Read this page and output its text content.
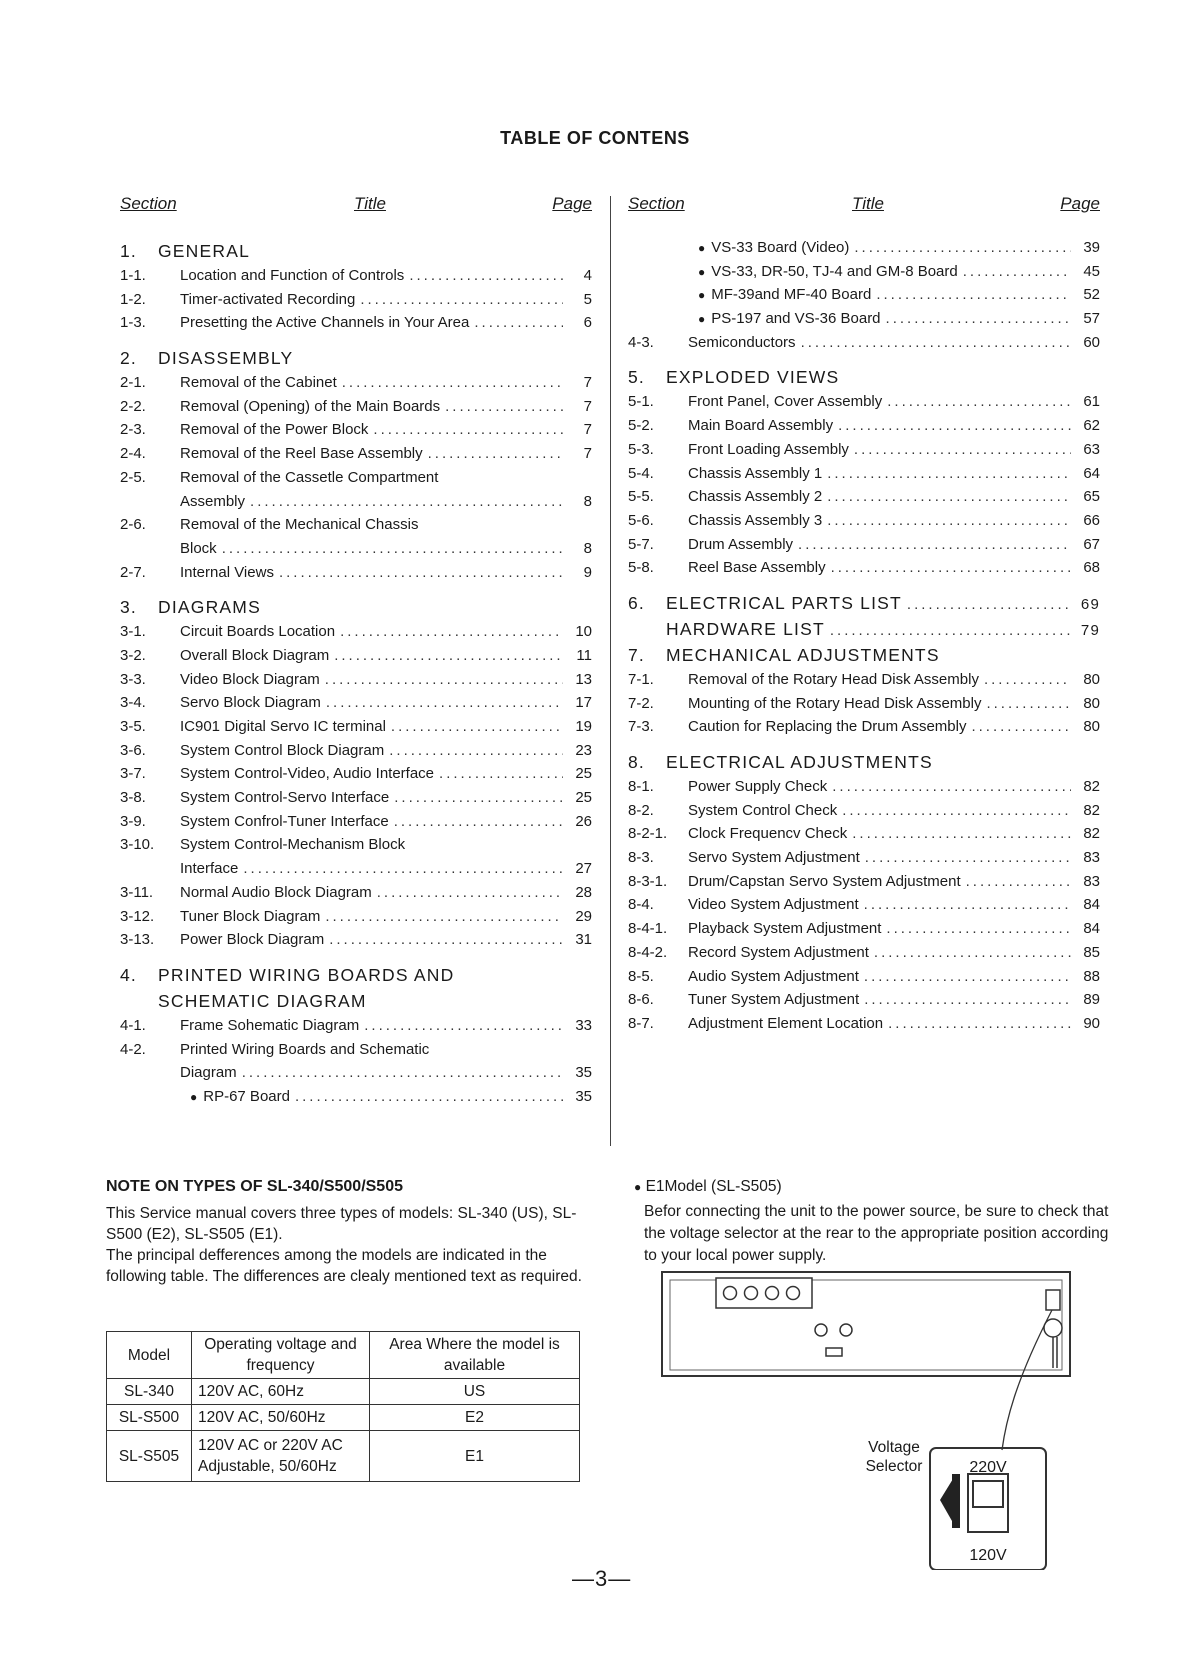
TABLE OF CONTENS
Section	Title	Page
1.	GENERAL
1-1.	Location and Function of Controls .....	4
1-2.	Timer-activated Recording .....	5
1-3.	Presetting the Active Channels in Your Area .....	6
2.	DISASSEMBLY
2-1.	Removal of the Cabinet .....	7
2-2.	Removal (Opening) of the Main Boards .....	7
2-3.	Removal of the Power Block .....	7
2-4.	Removal of the Reel Base Assembly .....	7
2-5.	Removal of the Cassetle Compartment
Assembly .....	8
2-6.	Removal of the Mechanical Chassis
Block .....	8
2-7.	Internal Views .....	9
3.	DIAGRAMS
3-1.	Circuit Boards Location .....	10
3-2.	Overall Block Diagram .....	11
3-3.	Video Block Diagram .....	13
3-4.	Servo Block Diagram .....	17
3-5.	IC901 Digital Servo IC terminal .....	19
3-6.	System Control Block Diagram .....	23
3-7.	System Control-Video, Audio Interface .....	25
3-8.	System Control-Servo Interface .....	25
3-9.	System Confrol-Tuner Interface .....	26
3-10.	System Control-Mechanism Block
Interface .....	27
3-11.	Normal Audio Block Diagram .....	28
3-12.	Tuner Block Diagram .....	29
3-13.	Power Block Diagram .....	31
4.	PRINTED WIRING BOARDS AND
SCHEMATIC DIAGRAM
4-1.	Frame Sohematic Diagram .....	33
4-2.	Printed Wiring Boards and Schematic
Diagram .....	35
● RP-67 Board .....	35
Section	Title	Page
● VS-33 Board (Video) .....	39
● VS-33, DR-50, TJ-4 and GM-8 Board .....	45
● MF-39and MF-40 Board .....	52
● PS-197 and VS-36 Board .....	57
4-3.	Semiconductors .....	60
5.	EXPLODED VIEWS
5-1.	Front Panel, Cover Assembly .....	61
5-2.	Main Board Assembly .....	62
5-3.	Front Loading Assembly .....	63
5-4.	Chassis Assembly 1 .....	64
5-5.	Chassis Assembly 2 .....	65
5-6.	Chassis Assembly 3 .....	66
5-7.	Drum Assembly .....	67
5-8.	Reel Base Assembly .....	68
6.	ELECTRICAL PARTS LIST .....	69
HARDWARE LIST .....	79
7.	MECHANICAL ADJUSTMENTS
7-1.	Removal of the Rotary Head Disk Assembly .....	80
7-2.	Mounting of the Rotary Head Disk Assembly .....	80
7-3.	Caution for Replacing the Drum Assembly .....	80
8.	ELECTRICAL ADJUSTMENTS
8-1.	Power Supply Check .....	82
8-2.	System Control Check .....	82
8-2-1.	Clock Frequencv Check .....	82
8-3.	Servo System Adjustment .....	83
8-3-1.	Drum/Capstan Servo System Adjustment .....	83
8-4.	Video System Adjustment .....	84
8-4-1.	Playback System Adjustment .....	84
8-4-2.	Record System Adjustment .....	85
8-5.	Audio System Adjustment .....	88
8-6.	Tuner System Adjustment .....	89
8-7.	Adjustment Element Location .....	90
NOTE ON TYPES OF SL-340/S500/S505
This Service manual covers three types of models: SL-340 (US), SL-S500 (E2), SL-S505 (E1).
The principal defferences among the models are indicated in the following table. The differences are clealy mentioned text as required.
Model	Operating voltage and frequency	Area Where the model is available
SL-340	120V AC, 60Hz	US
SL-S500	120V AC, 50/60Hz	E2
SL-S505	120V AC or 220V AC Adjustable, 50/60Hz	E1
● E1Model (SL-S505)
Befor connecting the unit to the power source, be sure to check that the voltage selector at the rear to the appropriate position according to your local power supply.
220V
120V
Voltage
Selector
—3—
